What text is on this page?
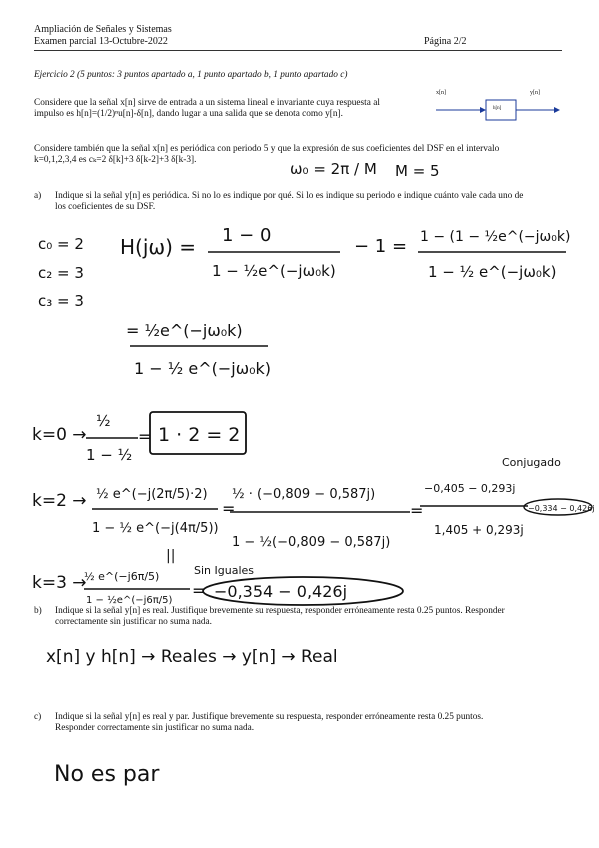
Ampliación de Señales y Sistemas
Examen parcial 13-Octubre-2022	Página 2/2
Ejercicio 2 (5 puntos: 3 puntos apartado a, 1 punto apartado b, 1 punto apartado c)
Considere que la señal x[n] sirve de entrada a un sistema lineal e invariante cuya respuesta al
impulso es h[n]=(1/2)ⁿu[n]-δ[n], dando lugar a una salida que se denota como y[n].
x[n]
h[n]
y[n]
Considere también que la señal x[n] es periódica con periodo 5 y que la expresión de sus coeficientes del DSF en el intervalo
k=0,1,2,3,4 es cₖ=2 δ[k]+3 δ[k-2]+3 δ[k-3].
a) Indique si la señal y[n] es periódica. Si no lo es indique por qué. Si lo es indique su periodo e indique cuánto vale cada uno de
los coeficientes de su DSF.
b) Indique si la señal y[n] es real. Justifique brevemente su respuesta, responder erróneamente resta 0.25 puntos. Responder
correctamente sin justificar no suma nada.
c) Indique si la señal y[n] es real y par. Justifique brevemente su respuesta, responder erróneamente resta 0.25 puntos.
Responder correctamente sin justificar no suma nada.
ω₀ = 2π / M M = 5
c₀ = 2
c₂ = 3
c₃ = 3
H(jω) = 1 − 0
1 − ½e^(−jω₀k)
− 1 = 1 − (1 − ½e^(−jω₀k)
1 − ½ e^(−jω₀k)
= ½e^(−jω₀k)
1 − ½ e^(−jω₀k)
k=0 →
½
1 − ½
= 1 · 2 = 2
Conjugado
k=2 → ½ e^(−j(2π/5)·2)
1 − ½ e^(−j(4π/5))
=
½ · (−0,809 − 0,587j)
1 − ½(−0,809 − 0,587j)
=
−0,405 − 0,293j
1,405 + 0,293j
−0,334 − 0,426j
||
k=3 →
½ e^(−j6π/5)
1 − ½e^(−j6π/5)
Sin Iguales
= −0,354 − 0,426j
x[n] y h[n] → Reales → y[n] → Real
No es par
